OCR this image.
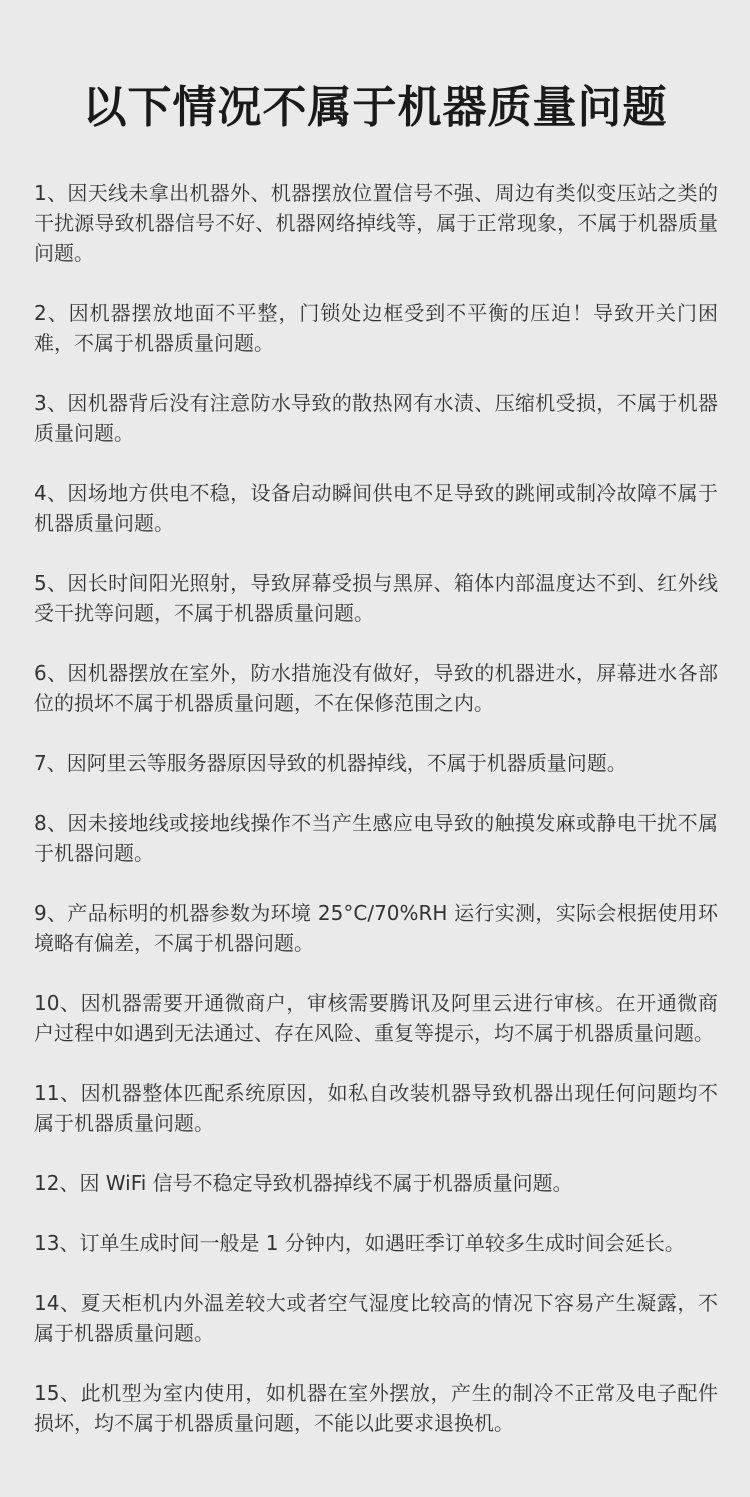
以下情况不属于机器质量问题
1、因天线未拿出机器外、机器摆放位置信号不强、周边有类似变压站之类的干扰源导致机器信号不好、机器网络掉线等，属于正常现象，不属于机器质量问题。
2、因机器摆放地面不平整，门锁处边框受到不平衡的压迫！导致开关门困难，不属于机器质量问题。
3、因机器背后没有注意防水导致的散热网有水渍、压缩机受损，不属于机器质量问题。
4、因场地方供电不稳，设备启动瞬间供电不足导致的跳闸或制冷故障不属于机器质量问题。
5、因长时间阳光照射，导致屏幕受损与黑屏、箱体内部温度达不到、红外线受干扰等问题，不属于机器质量问题。
6、因机器摆放在室外，防水措施没有做好，导致的机器进水，屏幕进水各部位的损坏不属于机器质量问题，不在保修范围之内。
7、因阿里云等服务器原因导致的机器掉线，不属于机器质量问题。
8、因未接地线或接地线操作不当产生感应电导致的触摸发麻或静电干扰不属于机器问题。
9、产品标明的机器参数为环境 25°C/70%RH 运行实测，实际会根据使用环境略有偏差，不属于机器问题。
10、因机器需要开通微商户，审核需要腾讯及阿里云进行审核。在开通微商户过程中如遇到无法通过、存在风险、重复等提示，均不属于机器质量问题。
11、因机器整体匹配系统原因，如私自改装机器导致机器出现任何问题均不属于机器质量问题。
12、因 WiFi 信号不稳定导致机器掉线不属于机器质量问题。
13、订单生成时间一般是 1 分钟内，如遇旺季订单较多生成时间会延长。
14、夏天柜机内外温差较大或者空气湿度比较高的情况下容易产生凝露，不属于机器质量问题。
15、此机型为室内使用，如机器在室外摆放，产生的制冷不正常及电子配件损坏，均不属于机器质量问题，不能以此要求退换机。
